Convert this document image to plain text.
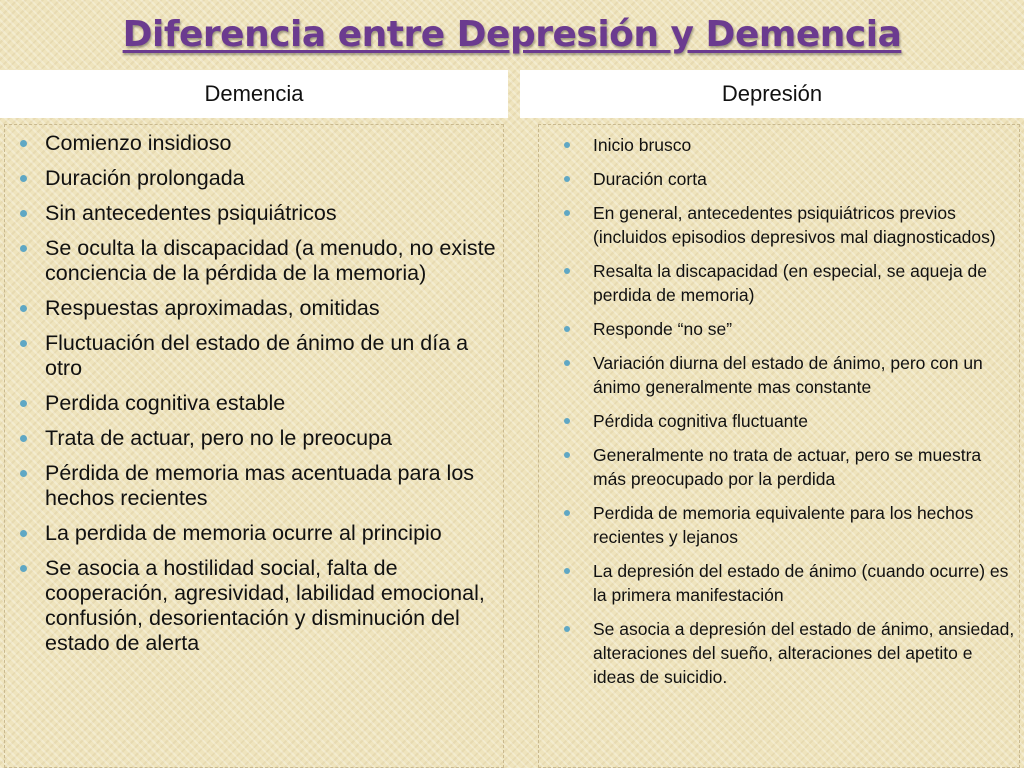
Diferencia entre Depresión y Demencia
Demencia	Depresión
Comienzo insidioso
Duración prolongada
Sin antecedentes psiquiátricos
Se oculta la discapacidad (a menudo, no existe conciencia de la pérdida de la memoria)
Respuestas aproximadas, omitidas
Fluctuación del estado de ánimo de un día a otro
Perdida cognitiva estable
Trata de actuar, pero no le preocupa
Pérdida de memoria mas acentuada para los hechos recientes
La perdida de memoria ocurre al principio
Se asocia a hostilidad social, falta de cooperación, agresividad, labilidad emocional, confusión, desorientación y disminución del estado de alerta
Inicio brusco
Duración corta
En general, antecedentes psiquiátricos previos (incluidos episodios depresivos mal diagnosticados)
Resalta la discapacidad (en especial, se aqueja de perdida de memoria)
Responde “no se”
Variación diurna del estado de ánimo, pero con un ánimo generalmente mas constante
Pérdida cognitiva fluctuante
Generalmente no trata de actuar, pero se muestra más preocupado por la perdida
Perdida de memoria equivalente para los hechos recientes y lejanos
La depresión del estado de ánimo (cuando ocurre) es la primera manifestación
Se asocia a depresión del estado de ánimo, ansiedad, alteraciones del sueño, alteraciones del apetito e ideas de suicidio.
